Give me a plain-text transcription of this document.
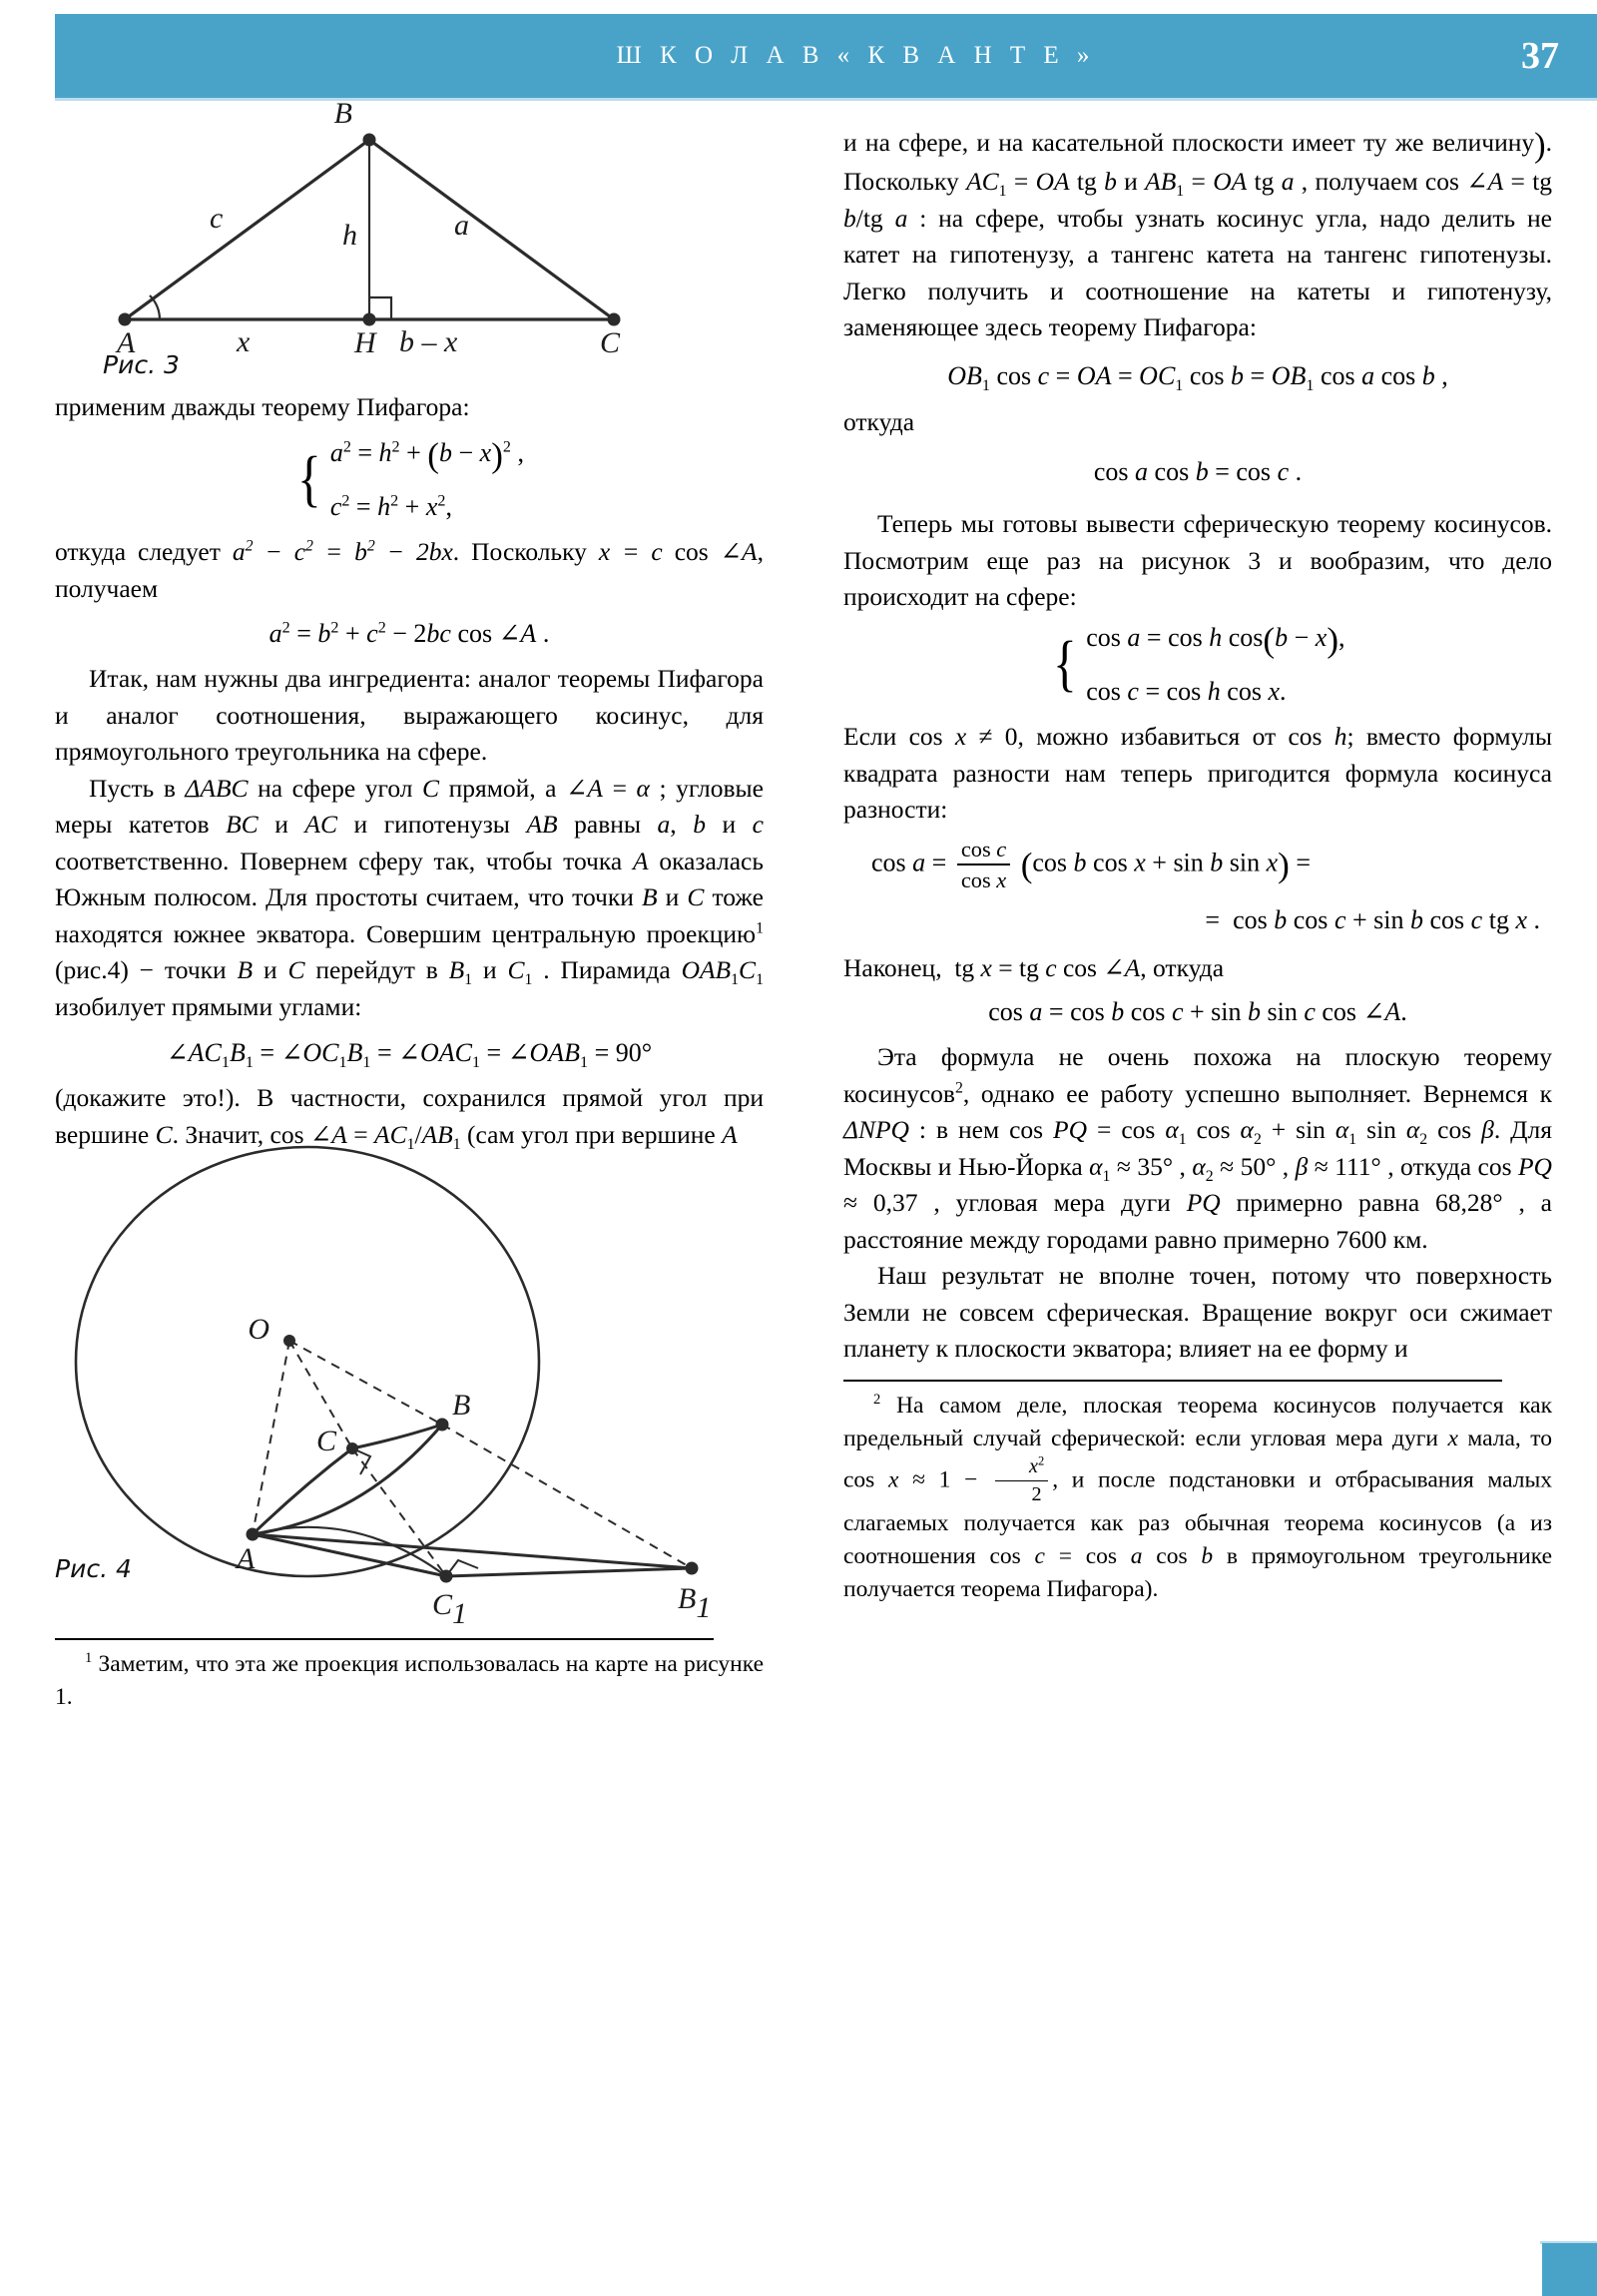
Ш К О Л А В « К В А Н Т Е »	37
B
A	C
H
c
h	a
x	b – x
Рис. 3

применим дважды теорему Пифагора:

{ $a^2 = h^2 + (b - x)^2$ ,
$c^2 = h^2 + x^2$,

откуда следует $a^2 - c^2 = b^2 - 2bx$. Поскольку x = c cos ∠A, получаем

$a^2 = b^2 + c^2 - 2bc$ cos ∠A .

Итак, нам нужны два ингредиента: аналог теоремы Пифагора и аналог соотношения, выражающего косинус, для прямоугольного треугольника на сфере.

Пусть в ΔABC на сфере угол C прямой, а ∠A = α ; угловые меры катетов BC и AC и гипотенузы AB равны a, b и c соответственно. Повернем сферу так, чтобы точка A оказалась Южным полюсом. Для простоты считаем, что точки B и C тоже находятся южнее экватора. Совершим центральную проекцию$^1$ (рис.4) − точки B и C перейдут в $B_1$ и $C_1$ . Пирамида $OAB_1C_1$ изобилует прямыми углами:

$\angle AC_1B_1$ = $\angle OC_1B_1$ = $\angle OAC_1$ = $\angle OAB_1 = 90^\circ$

(докажите это!). В частности, сохранился прямой угол при вершине C. Значит, cos ∠A = $AC_1/AB_1$ (сам угол при вершине A

O
B
C
A
C1	B1
Рис. 4

$^1$ Заметим, что эта же проекция использовалась на карте на рисунке 1.

и на сфере, и на касательной плоскости имеет ту же величину). Поскольку $AC_1$ = OA tg b и $AB_1$ = OA tg a , получаем cos ∠A = tg b/tg a : на сфере, чтобы узнать косинус угла, надо делить не катет на гипотенузу, а тангенс катета на тангенс гипотенузы. Легко получить и соотношение на катеты и гипотенузу, заменяющее здесь теорему Пифагора:

$OB_1$ cos c = OA = $OC_1$ $\cos b = OB_1$ cos a cos b ,

откуда

cos a cos b = cos c .

Теперь мы готовы вывести сферическую теорему косинусов. Посмотрим еще раз на рисунок 3 и вообразим, что дело происходит на сфере:

{ cos a = cos h cos(b − x),
cos c = cos h cos x.

Если cos x ≠ 0, можно избавиться от cos h; вместо формулы квадрата разности нам теперь пригодится формула косинуса разности:

$\cos a = \frac{\text{cos c}}{\text{cos x}} (\cos$ b cos x + sin b sin x) =
=  cos b cos c + sin b cos c tg x .

Наконец,  tg x = tg c cos ∠A, откуда

cos a = cos b cos c + sin b sin c cos ∠A.

Эта формула не очень похожа на плоскую теорему косинусов$^2$, однако ее работу успешно выполняет. Вернемся к ΔNPQ : в нем cos PQ = $\cos \alpha_1$ $\cos \alpha_2 + \sin \alpha_1$ $\sin \alpha_2$ cos β. Для Москвы и Нью-Йорка $\alpha_1 \approx 35^\circ$ , $\alpha_2 \approx 50^\circ$ , β ≈ 111° , откуда cos PQ ≈ 0,37 , угловая мера дуги PQ примерно равна 68,28° , а расстояние между городами равно примерно 7600 км.

Наш результат не вполне точен, потому что поверхность Земли не совсем сферическая. Вращение вокруг оси сжимает планету к плоскости экватора; влияет на ее форму и

$^2$ На самом деле, плоская теорема косинусов получается как предельный случай сферической: если угловая мера дуги x мала, то $\cos x \approx 1 - \frac{x^2}{2}$ , и после подстановки и отбрасывания малых слагаемых получается как раз обычная теорема косинусов (а из соотношения cos c = cos a cos b в прямоугольном треугольнике получается теорема Пифагора).
